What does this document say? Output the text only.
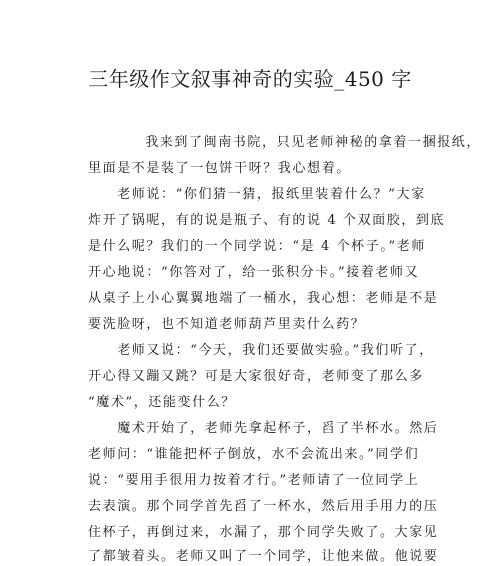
三年级作文叙事神奇的实验_450 字
　　我来到了闽南书院，只见老师神秘的拿着一捆报纸，
里面是不是装了一包饼干呀？我心想着。
　　老师说：“你们猜一猜，报纸里装着什么？”大家
炸开了锅呢，有的说是瓶子、有的说 4 个双面胶，到底
是什么呢？我们的一个同学说：“是 4 个杯子。”老师
开心地说：“你答对了，给一张积分卡。”接着老师又
从桌子上小心翼翼地端了一桶水，我心想：老师是不是
要洗脸呀，也不知道老师葫芦里卖什么药？
　　老师又说：“今天，我们还要做实验。”我们听了，
开心得又蹦又跳？可是大家很好奇，老师变了那么多
“魔术”，还能变什么？
　　魔术开始了，老师先拿起杯子，舀了半杯水。然后
老师问：“谁能把杯子倒放，水不会流出来。”同学们
说：“要用手很用力按着才行。”老师请了一位同学上
去表演。那个同学首先舀了一杯水，然后用手用力的压
住杯子，再倒过来，水漏了，那个同学失败了。大家见
了都皱着头。老师又叫了一个同学，让他来做。他说要
